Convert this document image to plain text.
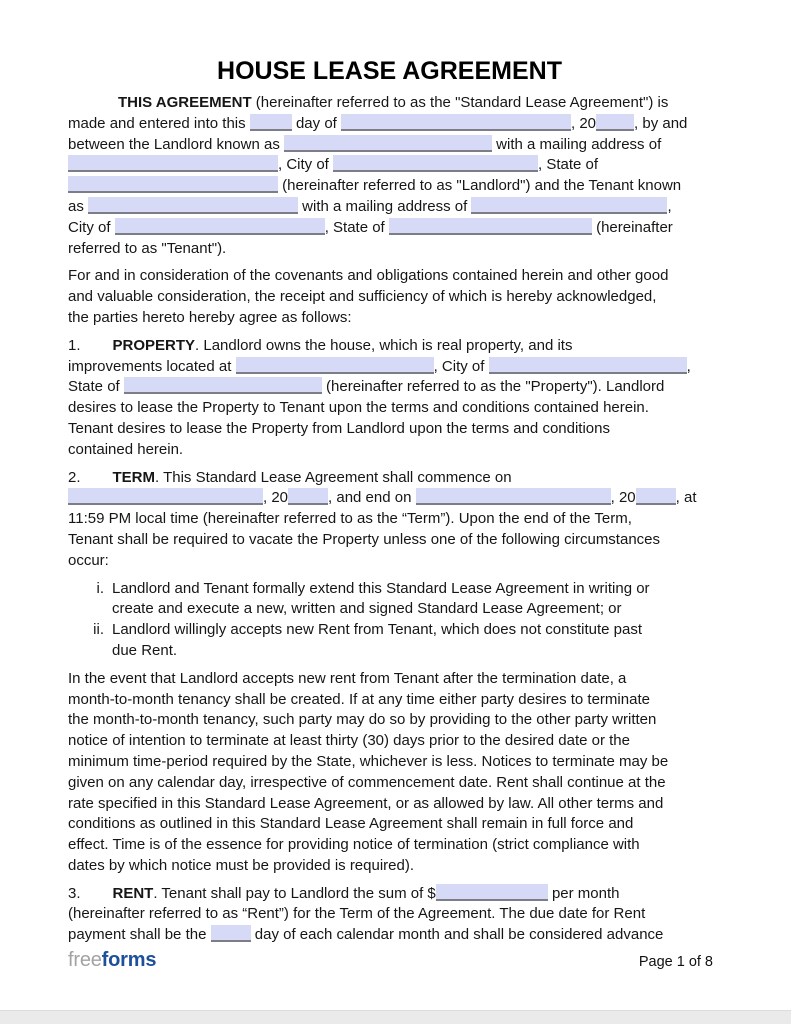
HOUSE LEASE AGREEMENT
THIS AGREEMENT (hereinafter referred to as the "Standard Lease Agreement") is
made and entered into this	day of	, 20	, by and
between the Landlord known as	with a mailing address of
, City of	, State of
(hereinafter referred to as "Landlord") and the Tenant known
as	with a mailing address of	,
City of	, State of	(hereinafter
referred to as "Tenant").
For and in consideration of the covenants and obligations contained herein and other good
and valuable consideration, the receipt and sufficiency of which is hereby acknowledged,
the parties hereto hereby agree as follows:
1. PROPERTY. Landlord owns the house, which is real property, and its
improvements located at	, City of	,
State of	(hereinafter referred to as the "Property"). Landlord
desires to lease the Property to Tenant upon the terms and conditions contained herein.
Tenant desires to lease the Property from Landlord upon the terms and conditions
contained herein.
2. TERM. This Standard Lease Agreement shall commence on
, 20	, and end on	, 20	, at
11:59 PM local time (hereinafter referred to as the “Term”). Upon the end of the Term,
Tenant shall be required to vacate the Property unless one of the following circumstances
occur:
i. Landlord and Tenant formally extend this Standard Lease Agreement in writing or
create and execute a new, written and signed Standard Lease Agreement; or
ii. Landlord willingly accepts new Rent from Tenant, which does not constitute past
due Rent.
In the event that Landlord accepts new rent from Tenant after the termination date, a
month-to-month tenancy shall be created. If at any time either party desires to terminate
the month-to-month tenancy, such party may do so by providing to the other party written
notice of intention to terminate at least thirty (30) days prior to the desired date or the
minimum time-period required by the State, whichever is less. Notices to terminate may be
given on any calendar day, irrespective of commencement date. Rent shall continue at the
rate specified in this Standard Lease Agreement, or as allowed by law. All other terms and
conditions as outlined in this Standard Lease Agreement shall remain in full force and
effect. Time is of the essence for providing notice of termination (strict compliance with
dates by which notice must be provided is required).
3. RENT. Tenant shall pay to Landlord the sum of $	per month
(hereinafter referred to as “Rent”) for the Term of the Agreement. The due date for Rent
payment shall be the	day of each calendar month and shall be considered advance
freeforms	Page 1 of 8
